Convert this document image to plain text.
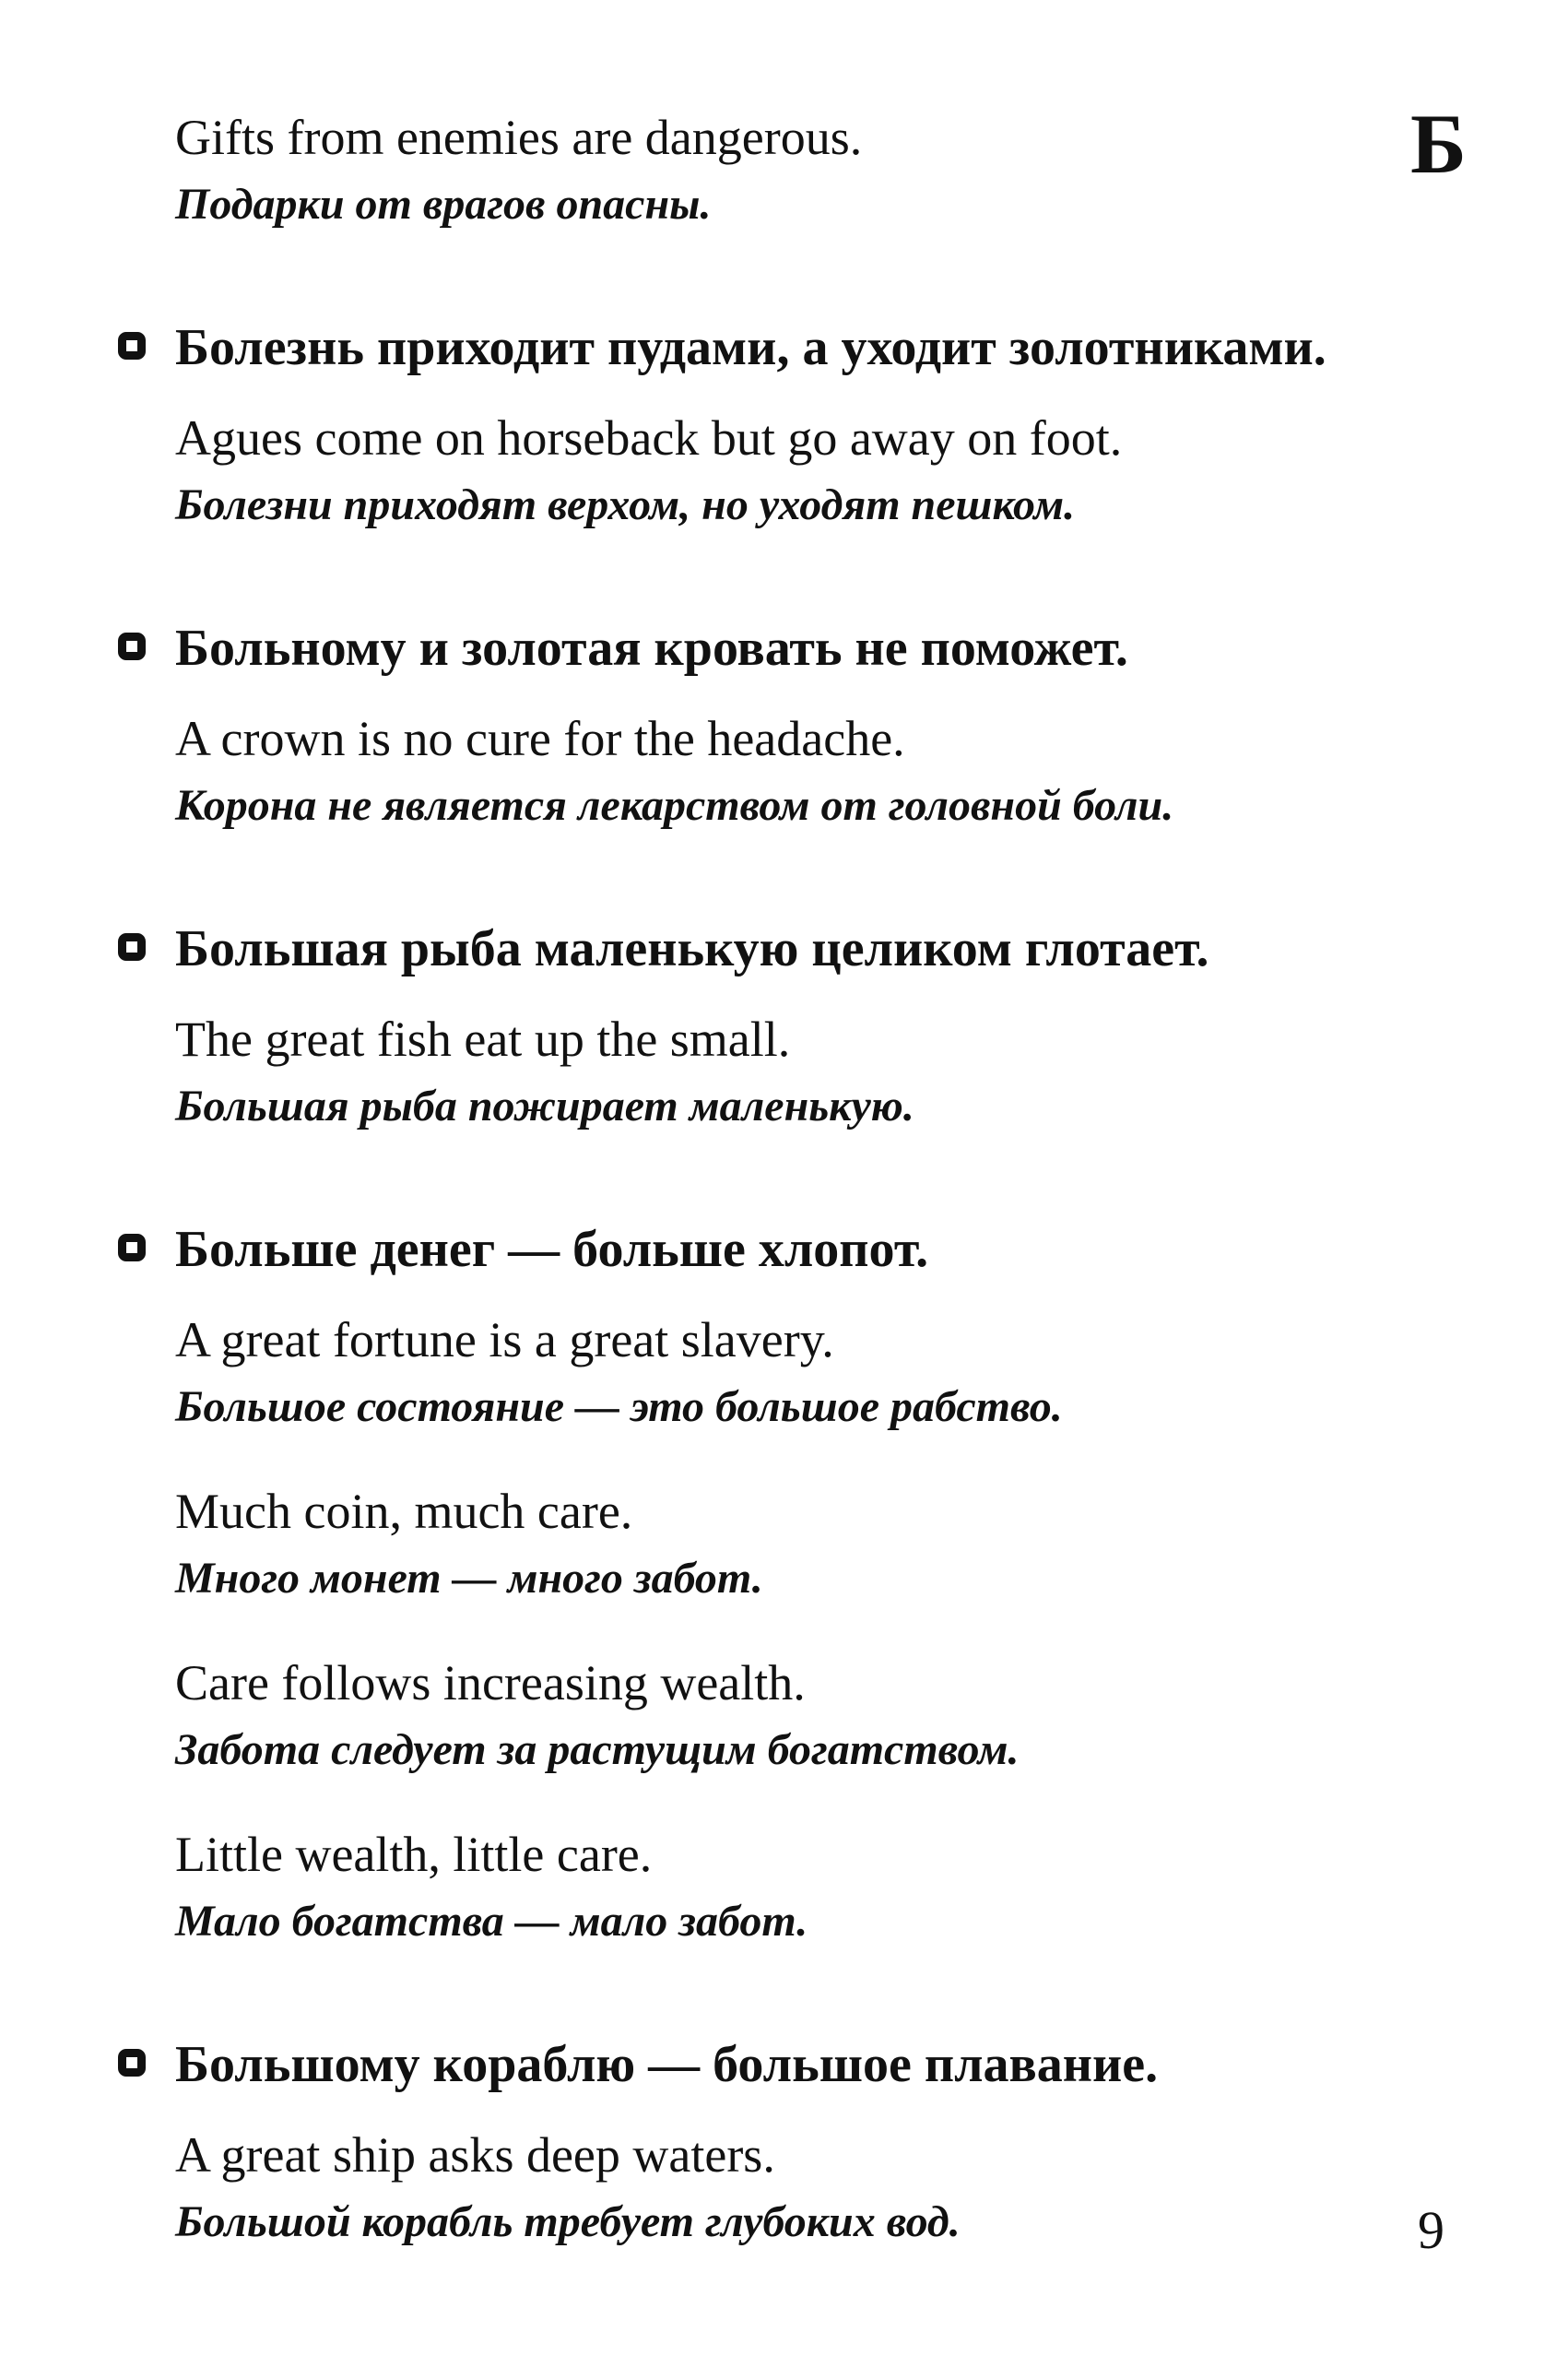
Б
Gifts from enemies are dangerous.
Подарки от врагов опасны.
Болезнь приходит пудами, а уходит золотниками.
Agues come on horseback but go away on foot.
Болезни приходят верхом, но уходят пешком.
Больному и золотая кровать не поможет.
A crown is no cure for the headache.
Корона не является лекарством от головной боли.
Большая рыба маленькую целиком глотает.
The great fish eat up the small.
Большая рыба пожирает маленькую.
Больше денег — больше хлопот.
A great fortune is a great slavery.
Большое состояние — это большое рабство.
Much coin, much care.
Много монет — много забот.
Care follows increasing wealth.
Забота следует за растущим богатством.
Little wealth, little care.
Мало богатства — мало забот.
Большому кораблю — большое плавание.
A great ship asks deep waters.
Большой корабль требует глубоких вод.	9
